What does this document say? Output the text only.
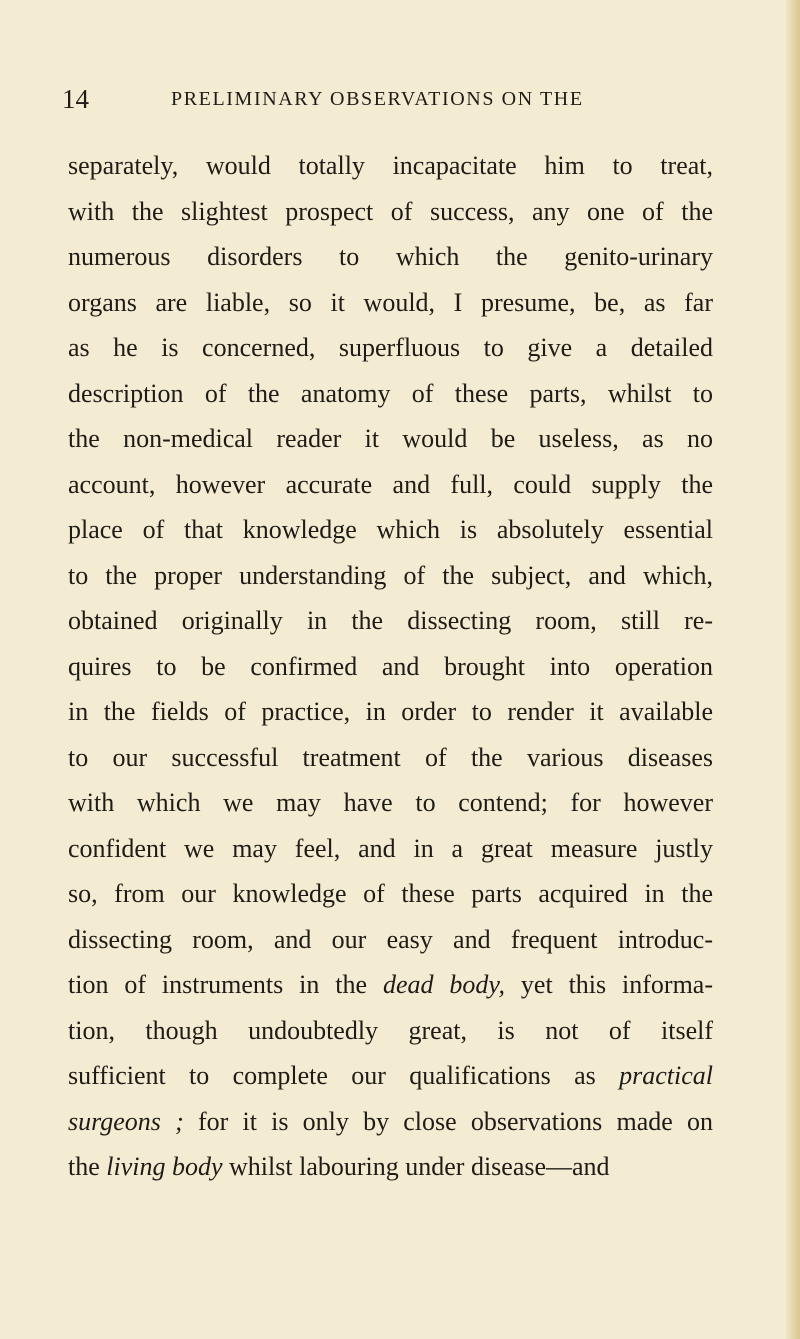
14	PRELIMINARY OBSERVATIONS ON THE
separately, would totally incapacitate him to treat,
with the slightest prospect of success, any one of the
numerous disorders to which the genito-urinary
organs are liable, so it would, I presume, be, as far
as he is concerned, superfluous to give a detailed
description of the anatomy of these parts, whilst to
the non-medical reader it would be useless, as no
account, however accurate and full, could supply the
place of that knowledge which is absolutely essential
to the proper understanding of the subject, and which,
obtained originally in the dissecting room, still re-
quires to be confirmed and brought into operation
in the fields of practice, in order to render it available
to our successful treatment of the various diseases
with which we may have to contend; for however
confident we may feel, and in a great measure justly
so, from our knowledge of these parts acquired in the
dissecting room, and our easy and frequent introduc-
tion of instruments in the dead body, yet this informa-
tion, though undoubtedly great, is not of itself
sufficient to complete our qualifications as practical
surgeons ; for it is only by close observations made on
the living body whilst labouring under disease—and
